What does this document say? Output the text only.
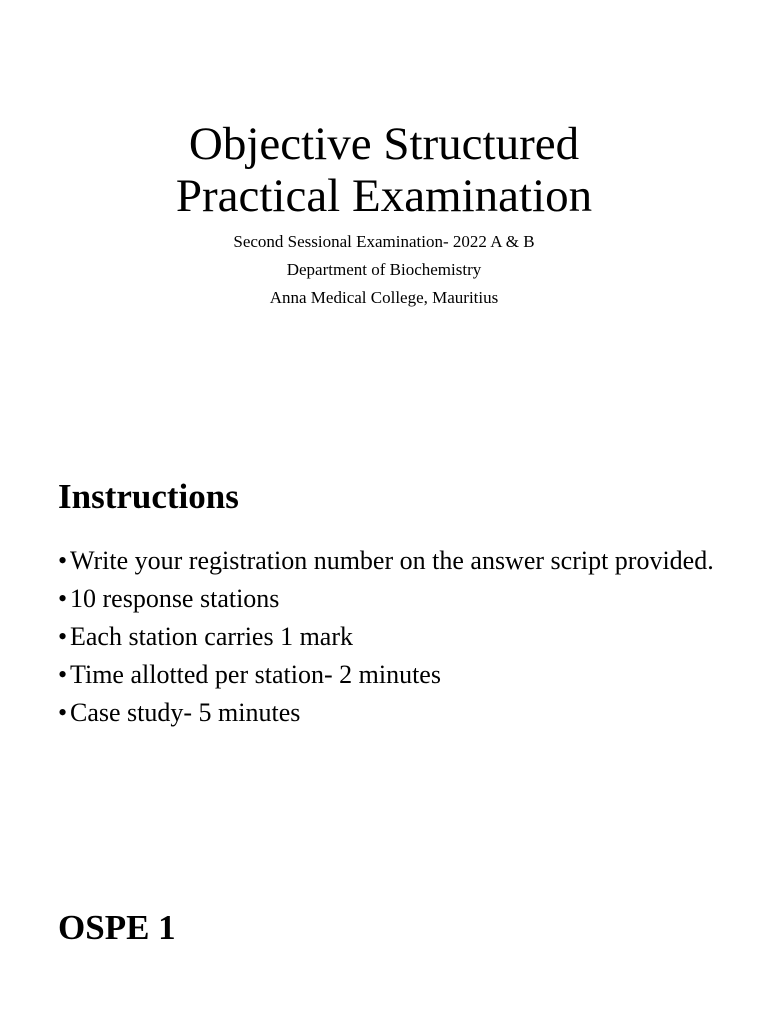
Objective Structured

Practical Examination

Second Sessional Examination- 2022 A & B

Department of Biochemistry

Anna Medical College, Mauritius

Instructions
• Write your registration number on the answer script provided.
• 10 response stations
• Each station carries 1 mark
• Time allotted per station- 2 minutes
• Case study- 5 minutes
OSPE 1
